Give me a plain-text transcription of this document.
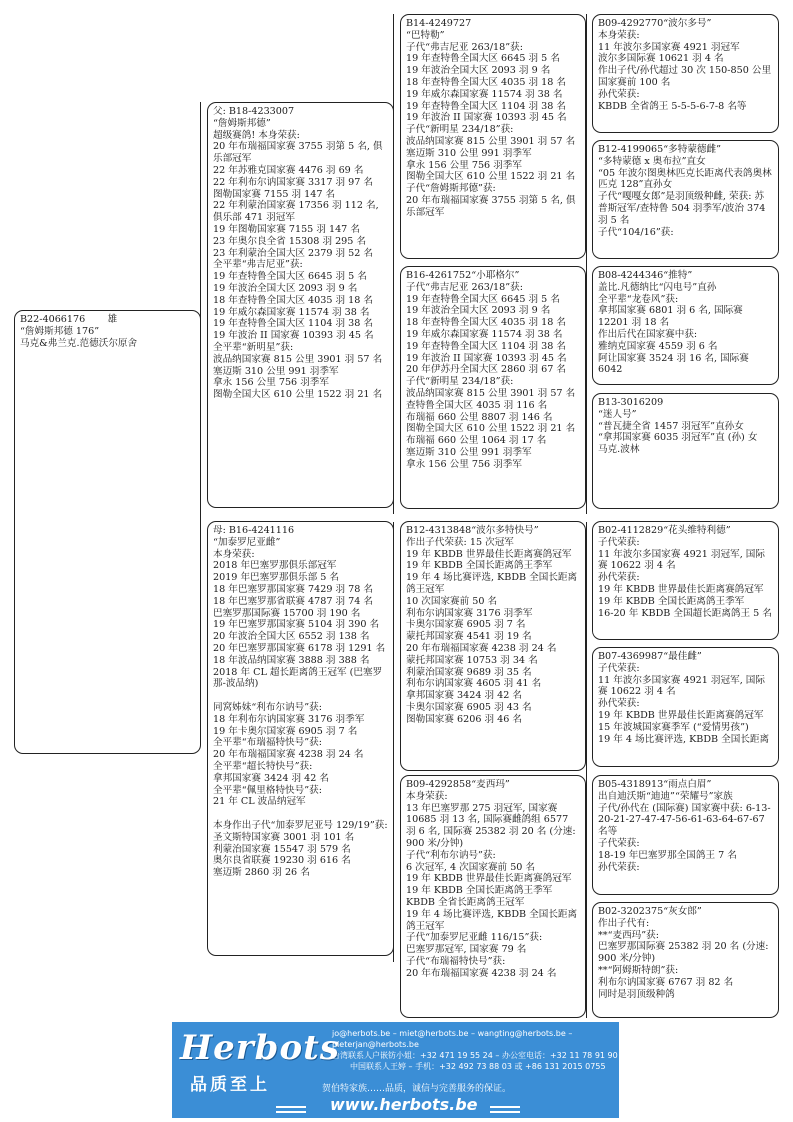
B22-4066176　　 雄
“詹姆斯邦德 176”
马克&弗兰克.范德沃尔原舍
父: B18-4233007
“詹姆斯邦德”
超级赛鸽! 本身荣获:
20 年布瑞福国家赛 3755 羽第 5 名, 俱乐部冠军
22 年苏雅克国家赛 4476 羽 69 名
22 年利布尔讷国家赛 3317 羽 97 名
图勒国家赛 7155 羽 147 名
22 年利蒙治国家赛 17356 羽 112 名, 俱乐部 471 羽冠军
19 年图勒国家赛 7155 羽 147 名
23 年奥尔良全省 15308 羽 295 名
23 年利蒙治全国大区 2379 羽 52 名
全平辈“弗吉尼亚”获:
19 年查特鲁全国大区 6645 羽 5 名
19 年波治全国大区 2093 羽 9 名
18 年查特鲁全国大区 4035 羽 18 名
19 年威尔森国家赛 11574 羽 38 名
19 年查特鲁全国大区 1104 羽 38 名
19 年波治 II 国家赛 10393 羽 45 名
全平辈“新明星”获:
波品纳国家赛 815 公里 3901 羽 57 名
塞迈斯 310 公里 991 羽季军
拿永 156 公里 756 羽季军
图勒全国大区 610 公里 1522 羽 21 名
母: B16-4241116
“加泰罗尼亚雌”
本身荣获:
2018 年巴塞罗那俱乐部冠军
2019 年巴塞罗那俱乐部 5 名
18 年巴塞罗那国家赛 7429 羽 78 名
18 年巴塞罗那省联赛 4787 羽 74 名
巴塞罗那国际赛 15700 羽 190 名
19 年巴塞罗那国家赛 5104 羽 390 名
20 年波治全国大区 6552 羽 138 名
20 年巴塞罗那国家赛 6178 羽 1291 名
18 年波品纳国家赛 3888 羽 388 名
2018 年 CL 超长距离鸽王冠军 (巴塞罗那-波品纳)

同窝姊妹“利布尔讷号”获:
18 年利布尔讷国家赛 3176 羽季军
19 年卡奥尔国家赛 6905 羽 7 名
全平辈“布瑞福特快号”获:
20 年布瑞福国家赛 4238 羽 24 名
全平辈“超长特快号”获:
拿邦国家赛 3424 羽 42 名
全平辈“佩里格特快号”获:
21 年 CL 波品纳冠军

本身作出子代“加泰罗尼亚号 129/19”获:
圣文斯特国家赛 3001 羽 101 名
利蒙治国家赛 15547 羽 579 名
奥尔良省联赛 19230 羽 616 名
塞迈斯 2860 羽 26 名
B14-4249727
“巴特勒”
子代“弗吉尼亚 263/18”获:
19 年查特鲁全国大区 6645 羽 5 名
19 年波治全国大区 2093 羽 9 名
18 年查特鲁全国大区 4035 羽 18 名
19 年威尔森国家赛 11574 羽 38 名
19 年查特鲁全国大区 1104 羽 38 名
19 年波治 II 国家赛 10393 羽 45 名
子代“新明星 234/18”获:
波品纳国家赛 815 公里 3901 羽 57 名
塞迈斯 310 公里 991 羽季军
拿永 156 公里 756 羽季军
图勒全国大区 610 公里 1522 羽 21 名
子代“詹姆斯邦德”获:
20 年布瑞福国家赛 3755 羽第 5 名, 俱乐部冠军
B16-4261752“小耶格尔”
子代“弗吉尼亚 263/18”获:
19 年查特鲁全国大区 6645 羽 5 名
19 年波治全国大区 2093 羽 9 名
18 年查特鲁全国大区 4035 羽 18 名
19 年威尔森国家赛 11574 羽 38 名
19 年查特鲁全国大区 1104 羽 38 名
19 年波治 II 国家赛 10393 羽 45 名
20 年伊苏丹全国大区 2860 羽 67 名
子代“新明星 234/18”获:
波品纳国家赛 815 公里 3901 羽 57 名
查特鲁全国大区 4035 羽 116 名
布瑞福 660 公里 8807 羽 146 名
图勒全国大区 610 公里 1522 羽 21 名
布瑞福 660 公里 1064 羽 17 名
塞迈斯 310 公里 991 羽季军
拿永 156 公里 756 羽季军
B12-4313848“波尔多特快号”
作出子代荣获: 15 次冠军
19 年 KBDB 世界最佳长距离赛鸽冠军
19 年 KBDB 全国长距离鸽王季军
19 年 4 场比赛评选, KBDB 全国长距离鸽王冠军
10 次国家赛前 50 名
利布尔讷国家赛 3176 羽季军
卡奥尔国家赛 6905 羽 7 名
蒙托邦国家赛 4541 羽 19 名
20 年布瑞福国家赛 4238 羽 24 名
蒙托邦国家赛 10753 羽 34 名
利蒙治国家赛 9689 羽 35 名
利布尔讷国家赛 4605 羽 41 名
拿邦国家赛 3424 羽 42 名
卡奥尔国家赛 6905 羽 43 名
图勒国家赛 6206 羽 46 名
B09-4292858“麦西玛”
本身荣获:
13 年巴塞罗那 275 羽冠军, 国家赛 10685 羽 13 名, 国际赛雌鸽组 6577 羽 6 名, 国际赛 25382 羽 20 名 (分速: 900 米/分钟)
子代“利布尔讷号”获:
6 次冠军, 4 次国家赛前 50 名
19 年 KBDB 世界最佳长距离赛鸽冠军
19 年 KBDB 全国长距离鸽王季军
KBDB 全省长距离鸽王冠军
19 年 4 场比赛评选, KBDB 全国长距离鸽王冠军
子代“加泰罗尼亚雌 116/15”获:
巴塞罗那冠军, 国家赛 79 名
子代“布瑞福特快号”获:
20 年布瑞福国家赛 4238 羽 24 名
B09-4292770“波尔多号”
本身荣获:
11 年波尔多国家赛 4921 羽冠军
波尔多国际赛 10621 羽 4 名
作出子代/孙代超过 30 次 150-850 公里国家赛前 100 名
孙代荣获:
KBDB 全省鸽王 5-5-5-6-7-8 名等
B12-4199065“多特蒙德雌”
“多特蒙德 x 奥布拉”直女
“05 年波尔图奥林匹克长距离代表鸽奥林匹克 128”直孙女
子代“嘎嘎女郎”是羽顶级种雌, 荣获: 苏普斯冠军/查特鲁 504 羽季军/波治 374 羽 5 名
子代“104/16”获:
B08-4244346“推特”
盖比.凡德纳比“闪电号”直孙
全平辈“龙卷风”获:
拿邦国家赛 6801 羽 6 名, 国际赛 12201 羽 18 名
作出后代在国家赛中获:
雅纳克国家赛 4559 羽 6 名
阿让国家赛 3524 羽 16 名, 国际赛 6042
B13-3016209
“迷人号”
“普瓦捷全省 1457 羽冠军”直孙女
“拿邦国家赛 6035 羽冠军”直 (孙) 女
马克.波林
B02-4112829“花头维特利德”
子代荣获:
11 年波尔多国家赛 4921 羽冠军, 国际赛 10622 羽 4 名
孙代荣获:
19 年 KBDB 世界最佳长距离赛鸽冠军
19 年 KBDB 全国长距离鸽王季军
16-20 年 KBDB 全国超长距离鸽王 5 名
B07-4369987“最佳雌”
子代荣获:
11 年波尔多国家赛 4921 羽冠军, 国际赛 10622 羽 4 名
孙代荣获:
19 年 KBDB 世界最佳长距离赛鸽冠军
15 年波城国家赛季军 (“爱情男孩”)
19 年 4 场比赛评选, KBDB 全国长距离
B05-4318913“雨点白眉”
出自迪沃斯“迪迪”“荣耀号”家族
子代/孙代在 (国际赛) 国家赛中获: 6-13-20-21-27-47-47-56-61-63-64-67-67 名等
子代荣获:
18-19 年巴塞罗那全国鸽王 7 名
孙代荣获:
B02-3202375“灰女郎”
作出子代有:
**“麦西玛”获:
巴塞罗那国际赛 25382 羽 20 名 (分速: 900 米/分钟)
**“阿姆斯特朗”获:
利布尔讷国家赛 6767 羽 82 名
同时是羽顶级种鸽
Herbots
品质至上
jo@herbots.be – miet@herbots.be – wangting@herbots.be – pieterjan@herbots.be
台湾联系人户嵌钫小姐：+32 471 19 55 24 – 办公室电话：+32 11 78 91 90
中国联系人王婷 – 手机：+32 492 73 88 03 或 +86 131 2015 0755
贺伯特家族……品质，诚信与完善服务的保证。
www.herbots.be
